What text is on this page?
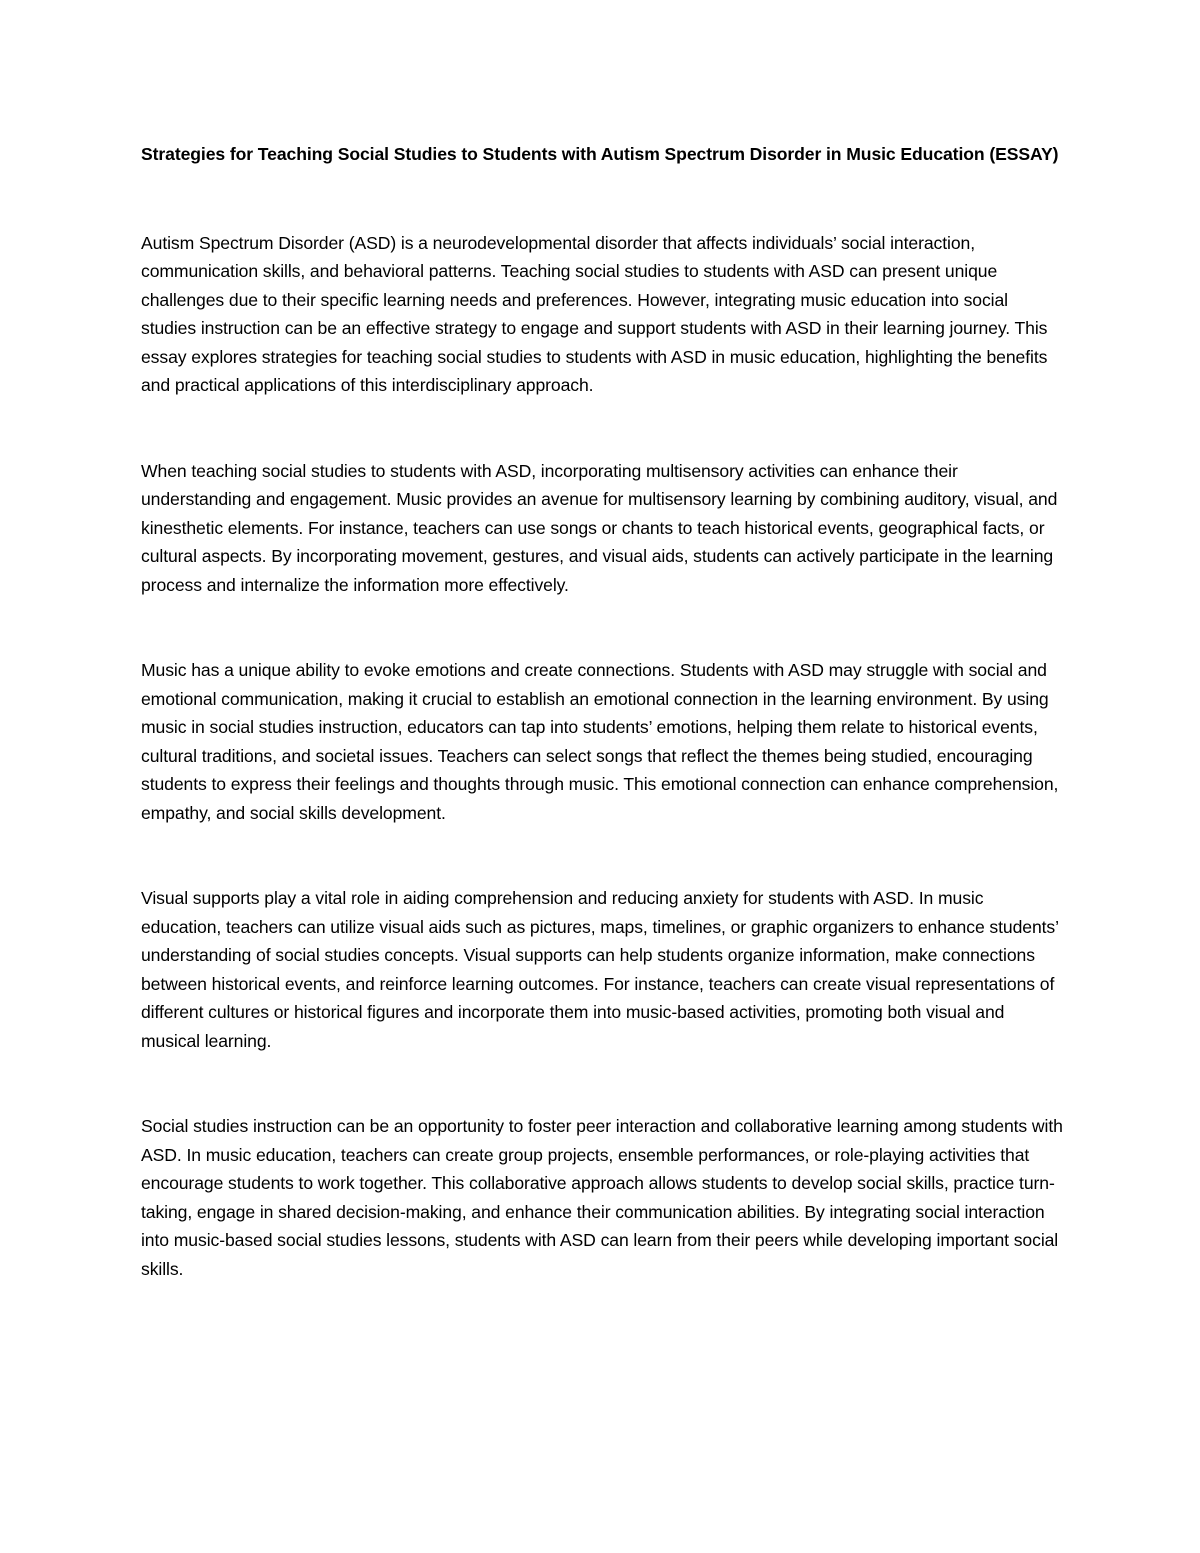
Strategies for Teaching Social Studies to Students with Autism Spectrum Disorder in Music Education (ESSAY)

Autism Spectrum Disorder (ASD) is a neurodevelopmental disorder that affects individuals’ social interaction, communication skills, and behavioral patterns. Teaching social studies to students with ASD can present unique challenges due to their specific learning needs and preferences. However, integrating music education into social studies instruction can be an effective strategy to engage and support students with ASD in their learning journey. This essay explores strategies for teaching social studies to students with ASD in music education, highlighting the benefits and practical applications of this interdisciplinary approach.

When teaching social studies to students with ASD, incorporating multisensory activities can enhance their understanding and engagement. Music provides an avenue for multisensory learning by combining auditory, visual, and kinesthetic elements. For instance, teachers can use songs or chants to teach historical events, geographical facts, or cultural aspects. By incorporating movement, gestures, and visual aids, students can actively participate in the learning process and internalize the information more effectively.

Music has a unique ability to evoke emotions and create connections. Students with ASD may struggle with social and emotional communication, making it crucial to establish an emotional connection in the learning environment. By using music in social studies instruction, educators can tap into students’ emotions, helping them relate to historical events, cultural traditions, and societal issues. Teachers can select songs that reflect the themes being studied, encouraging students to express their feelings and thoughts through music. This emotional connection can enhance comprehension, empathy, and social skills development.

Visual supports play a vital role in aiding comprehension and reducing anxiety for students with ASD. In music education, teachers can utilize visual aids such as pictures, maps, timelines, or graphic organizers to enhance students’ understanding of social studies concepts. Visual supports can help students organize information, make connections between historical events, and reinforce learning outcomes. For instance, teachers can create visual representations of different cultures or historical figures and incorporate them into music-based activities, promoting both visual and musical learning.

Social studies instruction can be an opportunity to foster peer interaction and collaborative learning among students with ASD. In music education, teachers can create group projects, ensemble performances, or role-playing activities that encourage students to work together. This collaborative approach allows students to develop social skills, practice turn-taking, engage in shared decision-making, and enhance their communication abilities. By integrating social interaction into music-based social studies lessons, students with ASD can learn from their peers while developing important social skills.
